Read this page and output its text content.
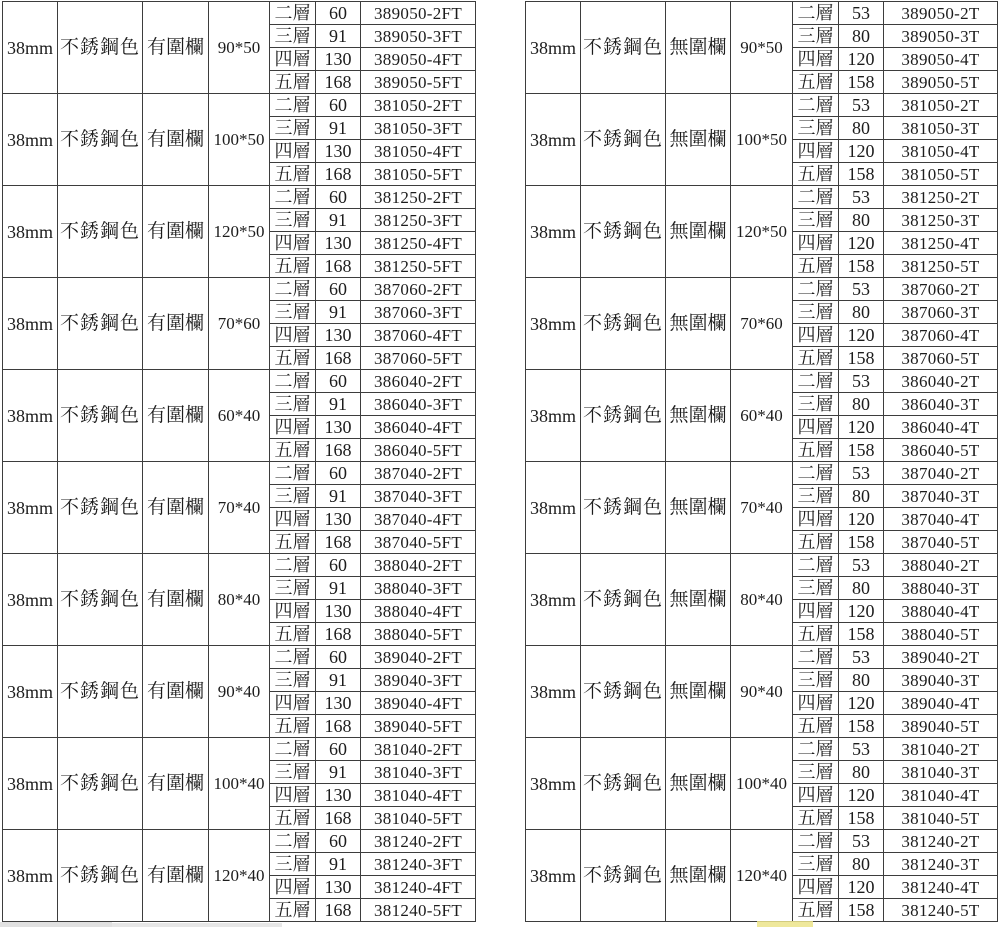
38mm	不銹鋼色	有圍欄	90*50	二層	60	389050-2FT
				三層	91	389050-3FT
				四層	130	389050-4FT
				五層	168	389050-5FT
38mm	不銹鋼色	有圍欄	100*50	二層	60	381050-2FT
				三層	91	381050-3FT
				四層	130	381050-4FT
				五層	168	381050-5FT
38mm	不銹鋼色	有圍欄	120*50	二層	60	381250-2FT
				三層	91	381250-3FT
				四層	130	381250-4FT
				五層	168	381250-5FT
38mm	不銹鋼色	有圍欄	70*60	二層	60	387060-2FT
				三層	91	387060-3FT
				四層	130	387060-4FT
				五層	168	387060-5FT
38mm	不銹鋼色	有圍欄	60*40	二層	60	386040-2FT
				三層	91	386040-3FT
				四層	130	386040-4FT
				五層	168	386040-5FT
38mm	不銹鋼色	有圍欄	70*40	二層	60	387040-2FT
				三層	91	387040-3FT
				四層	130	387040-4FT
				五層	168	387040-5FT
38mm	不銹鋼色	有圍欄	80*40	二層	60	388040-2FT
				三層	91	388040-3FT
				四層	130	388040-4FT
				五層	168	388040-5FT
38mm	不銹鋼色	有圍欄	90*40	二層	60	389040-2FT
				三層	91	389040-3FT
				四層	130	389040-4FT
				五層	168	389040-5FT
38mm	不銹鋼色	有圍欄	100*40	二層	60	381040-2FT
				三層	91	381040-3FT
				四層	130	381040-4FT
				五層	168	381040-5FT
38mm	不銹鋼色	有圍欄	120*40	二層	60	381240-2FT
				三層	91	381240-3FT
				四層	130	381240-4FT
				五層	168	381240-5FT
38mm	不銹鋼色	無圍欄	90*50	二層	53	389050-2T
				三層	80	389050-3T
				四層	120	389050-4T
				五層	158	389050-5T
38mm	不銹鋼色	無圍欄	100*50	二層	53	381050-2T
				三層	80	381050-3T
				四層	120	381050-4T
				五層	158	381050-5T
38mm	不銹鋼色	無圍欄	120*50	二層	53	381250-2T
				三層	80	381250-3T
				四層	120	381250-4T
				五層	158	381250-5T
38mm	不銹鋼色	無圍欄	70*60	二層	53	387060-2T
				三層	80	387060-3T
				四層	120	387060-4T
				五層	158	387060-5T
38mm	不銹鋼色	無圍欄	60*40	二層	53	386040-2T
				三層	80	386040-3T
				四層	120	386040-4T
				五層	158	386040-5T
38mm	不銹鋼色	無圍欄	70*40	二層	53	387040-2T
				三層	80	387040-3T
				四層	120	387040-4T
				五層	158	387040-5T
38mm	不銹鋼色	無圍欄	80*40	二層	53	388040-2T
				三層	80	388040-3T
				四層	120	388040-4T
				五層	158	388040-5T
38mm	不銹鋼色	無圍欄	90*40	二層	53	389040-2T
				三層	80	389040-3T
				四層	120	389040-4T
				五層	158	389040-5T
38mm	不銹鋼色	無圍欄	100*40	二層	53	381040-2T
				三層	80	381040-3T
				四層	120	381040-4T
				五層	158	381040-5T
38mm	不銹鋼色	無圍欄	120*40	二層	53	381240-2T
				三層	80	381240-3T
				四層	120	381240-4T
				五層	158	381240-5T
